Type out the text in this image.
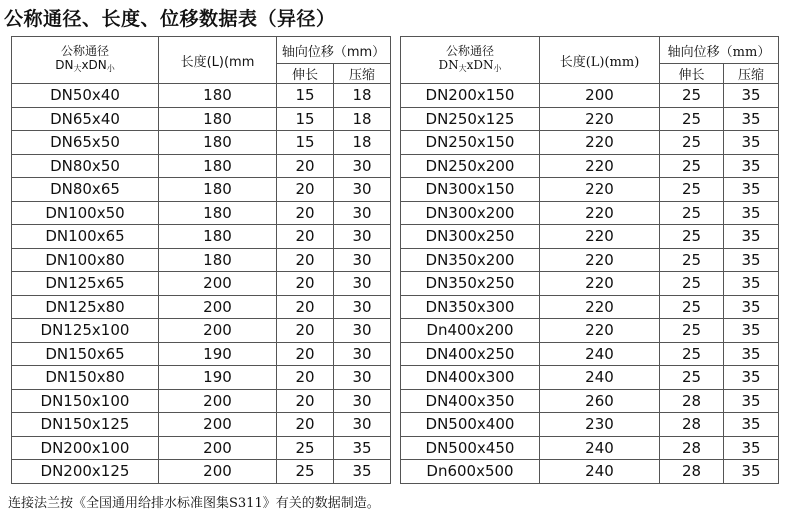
公称通径、长度、位移数据表（异径）
公称通径
$DN_大xDN_小$	长度(L)(mm	轴向位移（mm）	
		伸长	压缩
DN50x40	180	15	18
DN65x40	180	15	18
DN65x50	180	15	18
DN80x50	180	20	30
DN80x65	180	20	30
DN100x50	180	20	30
DN100x65	180	20	30
DN100x80	180	20	30
DN125x65	200	20	30
DN125x80	200	20	30
DN125x100	200	20	30
DN150x65	190	20	30
DN150x80	190	20	30
DN150x100	200	20	30
DN150x125	200	20	30
DN200x100	200	25	35
DN200x125	200	25	35
公称通径
$DN_大xDN_小$	长度(L)(mm)	轴向位移（mm）	
		伸长	压缩
DN200x150	200	25	35
DN250x125	220	25	35
DN250x150	220	25	35
DN250x200	220	25	35
DN300x150	220	25	35
DN300x200	220	25	35
DN300x250	220	25	35
DN350x200	220	25	35
DN350x250	220	25	35
DN350x300	220	25	35
Dn400x200	220	25	35
DN400x250	240	25	35
DN400x300	240	25	35
DN400x350	260	28	35
DN500x400	230	28	35
DN500x450	240	28	35
Dn600x500	240	28	35
连接法兰按《全国通用给排水标准图集S311》有关的数据制造。
